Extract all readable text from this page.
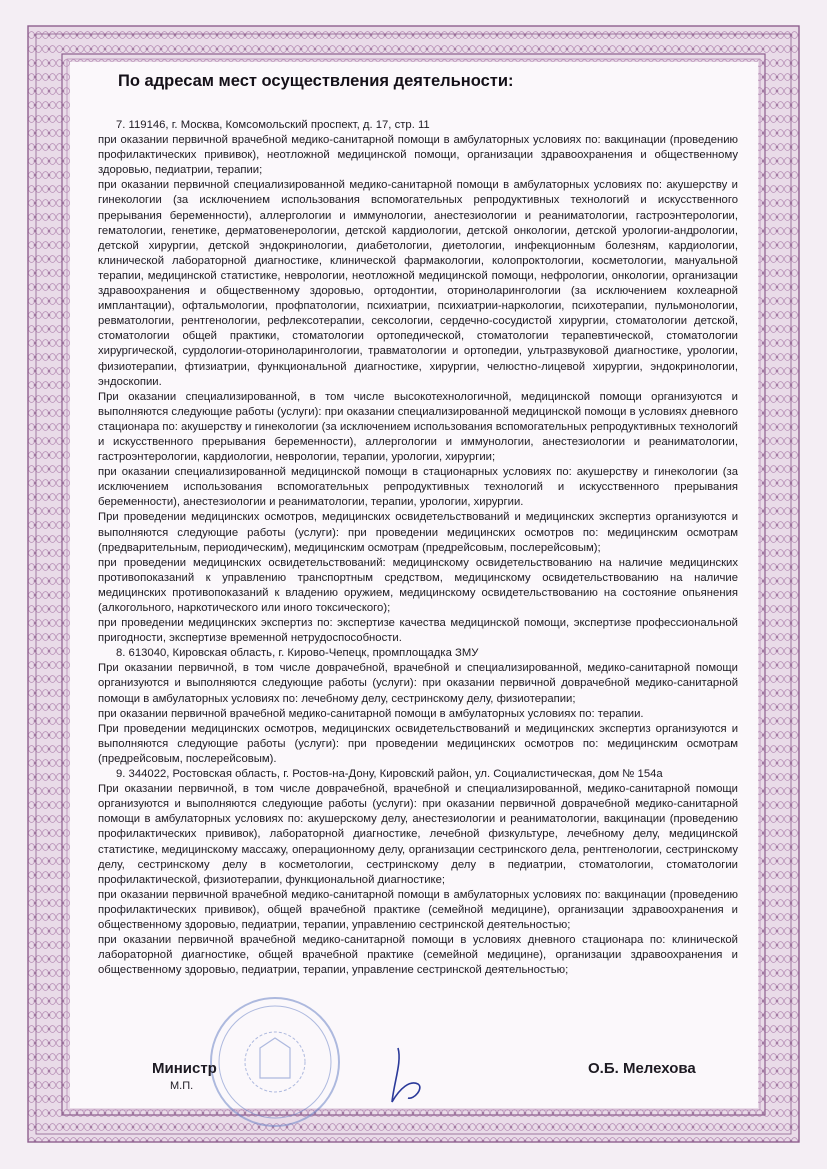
По адресам мест осуществления деятельности:

7. 119146, г. Москва, Комсомольский проспект, д. 17, стр. 11

при оказании первичной врачебной медико-санитарной помощи в амбулаторных условиях по: вакцинации (проведению профилактических прививок), неотложной медицинской помощи, организации здравоохранения и общественному здоровью, педиатрии, терапии;

при оказании первичной специализированной медико-санитарной помощи в амбулаторных условиях по: акушерству и гинекологии (за исключением использования вспомогательных репродуктивных технологий и искусственного прерывания беременности), аллергологии и иммунологии, анестезиологии и реаниматологии, гастроэнтерологии, гематологии, генетике, дерматовенерологии, детской кардиологии, детской онкологии, детской урологии-андрологии, детской хирургии, детской эндокринологии, диабетологии, диетологии, инфекционным болезням, кардиологии, клинической лабораторной диагностике, клинической фармакологии, колопроктологии, косметологии, мануальной терапии, медицинской статистике, неврологии, неотложной медицинской помощи, нефрологии, онкологии, организации здравоохранения и общественному здоровью, ортодонтии, оториноларингологии (за исключением кохлеарной имплантации), офтальмологии, профпатологии, психиатрии, психиатрии-наркологии, психотерапии, пульмонологии, ревматологии, рентгенологии, рефлексотерапии, сексологии, сердечно-сосудистой хирургии, стоматологии детской, стоматологии общей практики, стоматологии ортопедической, стоматологии терапевтической, стоматологии хирургической, сурдологии-оториноларингологии, травматологии и ортопедии, ультразвуковой диагностике, урологии, физиотерапии, фтизиатрии, функциональной диагностике, хирургии, челюстно-лицевой хирургии, эндокринологии, эндоскопии.

При оказании специализированной, в том числе высокотехнологичной, медицинской помощи организуются и выполняются следующие работы (услуги): при оказании специализированной медицинской помощи в условиях дневного стационара по: акушерству и гинекологии (за исключением использования вспомогательных репродуктивных технологий и искусственного прерывания беременности), аллергологии и иммунологии, анестезиологии и реаниматологии, гастроэнтерологии, кардиологии, неврологии, терапии, урологии, хирургии;

при оказании специализированной медицинской помощи в стационарных условиях по: акушерству и гинекологии (за исключением использования вспомогательных репродуктивных технологий и искусственного прерывания беременности), анестезиологии и реаниматологии, терапии, урологии, хирургии.

При проведении медицинских осмотров, медицинских освидетельствований и медицинских экспертиз организуются и выполняются следующие работы (услуги): при проведении медицинских осмотров по: медицинским осмотрам (предварительным, периодическим), медицинским осмотрам (предрейсовым, послерейсовым);

при проведении медицинских освидетельствований: медицинскому освидетельствованию на наличие медицинских противопоказаний к управлению транспортным средством, медицинскому освидетельствованию на наличие медицинских противопоказаний к владению оружием, медицинскому освидетельствованию на состояние опьянения (алкогольного, наркотического или иного токсического);

при проведении медицинских экспертиз по: экспертизе качества медицинской помощи, экспертизе профессиональной пригодности, экспертизе временной нетрудоспособности.

8. 613040, Кировская область, г. Кирово-Чепецк, промплощадка ЗМУ

При оказании первичной, в том числе доврачебной, врачебной и специализированной, медико-санитарной помощи организуются и выполняются следующие работы (услуги): при оказании первичной доврачебной медико-санитарной помощи в амбулаторных условиях по: лечебному делу, сестринскому делу, физиотерапии;

при оказании первичной врачебной медико-санитарной помощи в амбулаторных условиях по: терапии.

При проведении медицинских осмотров, медицинских освидетельствований и медицинских экспертиз организуются и выполняются следующие работы (услуги): при проведении медицинских осмотров по: медицинским осмотрам (предрейсовым, послерейсовым).

9. 344022, Ростовская область, г. Ростов-на-Дону, Кировский район, ул. Социалистическая, дом № 154а

При оказании первичной, в том числе доврачебной, врачебной и специализированной, медико-санитарной помощи организуются и выполняются следующие работы (услуги): при оказании первичной доврачебной медико-санитарной помощи в амбулаторных условиях по: акушерскому делу, анестезиологии и реаниматологии, вакцинации (проведению профилактических прививок), лабораторной диагностике, лечебной физкультуре, лечебному делу, медицинской статистике, медицинскому массажу, операционному делу, организации сестринского дела, рентгенологии, сестринскому делу, сестринскому делу в косметологии, сестринскому делу в педиатрии, стоматологии, стоматологии профилактической, физиотерапии, функциональной диагностике;

при оказании первичной врачебной медико-санитарной помощи в амбулаторных условиях по: вакцинации (проведению профилактических прививок), общей врачебной практике (семейной медицине), организации здравоохранения и общественному здоровью, педиатрии, терапии, управлению сестринской деятельностью;

при оказании первичной врачебной медико-санитарной помощи в условиях дневного стационара по: клинической лабораторной диагностике, общей врачебной практике (семейной медицине), организации здравоохранения и общественному здоровью, педиатрии, терапии, управление сестринской деятельностью;

Министр
М.П.
О.Б. Мелехова
